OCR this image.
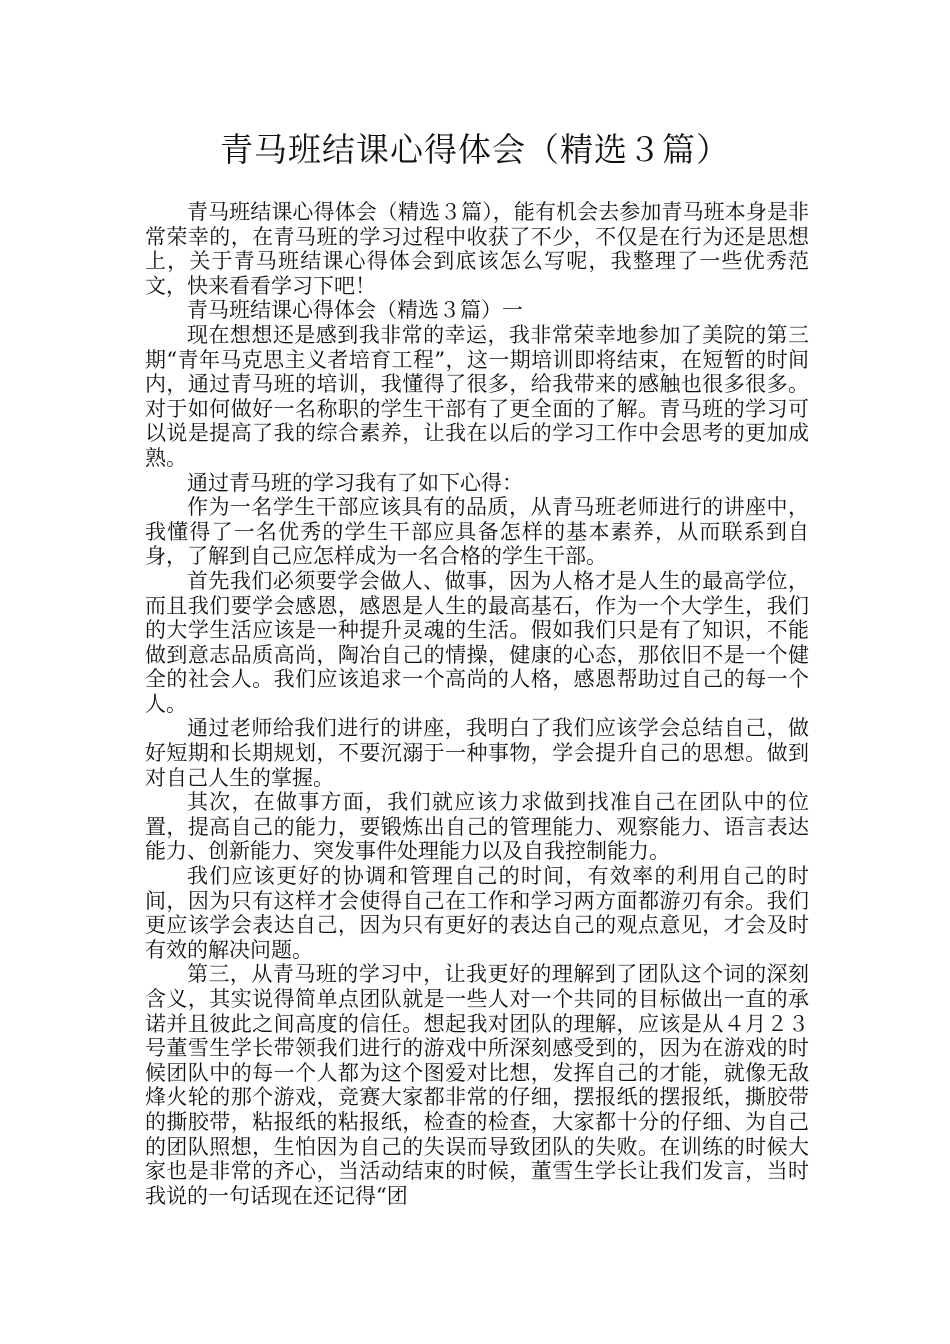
青马班结课心得体会（精选３篇）

青马班结课心得体会（精选３篇），能有机会去参加青马班本身是非常荣幸的，在青马班的学习过程中收获了不少，不仅是在行为还是思想上，关于青马班结课心得体会到底该怎么写呢，我整理了一些优秀范文，快来看看学习下吧！

青马班结课心得体会（精选３篇）一

现在想想还是感到我非常的幸运，我非常荣幸地参加了美院的第三期“青年马克思主义者培育工程”，这一期培训即将结束，在短暂的时间内，通过青马班的培训，我懂得了很多，给我带来的感触也很多很多。对于如何做好一名称职的学生干部有了更全面的了解。青马班的学习可以说是提高了我的综合素养，让我在以后的学习工作中会思考的更加成熟。

通过青马班的学习我有了如下心得：

作为一名学生干部应该具有的品质，从青马班老师进行的讲座中，我懂得了一名优秀的学生干部应具备怎样的基本素养，从而联系到自身，了解到自己应怎样成为一名合格的学生干部。

首先我们必须要学会做人、做事，因为人格才是人生的最高学位，而且我们要学会感恩，感恩是人生的最高基石，作为一个大学生，我们的大学生活应该是一种提升灵魂的生活。假如我们只是有了知识，不能做到意志品质高尚，陶冶自己的情操，健康的心态，那依旧不是一个健全的社会人。我们应该追求一个高尚的人格，感恩帮助过自己的每一个人。

通过老师给我们进行的讲座，我明白了我们应该学会总结自己，做好短期和长期规划，不要沉溺于一种事物，学会提升自己的思想。做到对自己人生的掌握。

其次，在做事方面，我们就应该力求做到找准自己在团队中的位置，提高自己的能力，要锻炼出自己的管理能力、观察能力、语言表达能力、创新能力、突发事件处理能力以及自我控制能力。

我们应该更好的协调和管理自己的时间，有效率的利用自己的时间，因为只有这样才会使得自己在工作和学习两方面都游刃有余。我们更应该学会表达自己，因为只有更好的表达自己的观点意见，才会及时有效的解决问题。

第三，从青马班的学习中，让我更好的理解到了团队这个词的深刻含义，其实说得简单点团队就是一些人对一个共同的目标做出一直的承诺并且彼此之间高度的信任。想起我对团队的理解，应该是从４月２３号董雪生学长带领我们进行的游戏中所深刻感受到的，因为在游戏的时候团队中的每一个人都为这个图爱对比想，发挥自己的才能，就像无敌烽火轮的那个游戏，竞赛大家都非常的仔细，摆报纸的摆报纸，撕胶带的撕胶带，粘报纸的粘报纸，检查的检查，大家都十分的仔细、为自己的团队照想，生怕因为自己的失误而导致团队的失败。在训练的时候大家也是非常的齐心，当活动结束的时候，董雪生学长让我们发言，当时我说的一句话现在还记得“团
